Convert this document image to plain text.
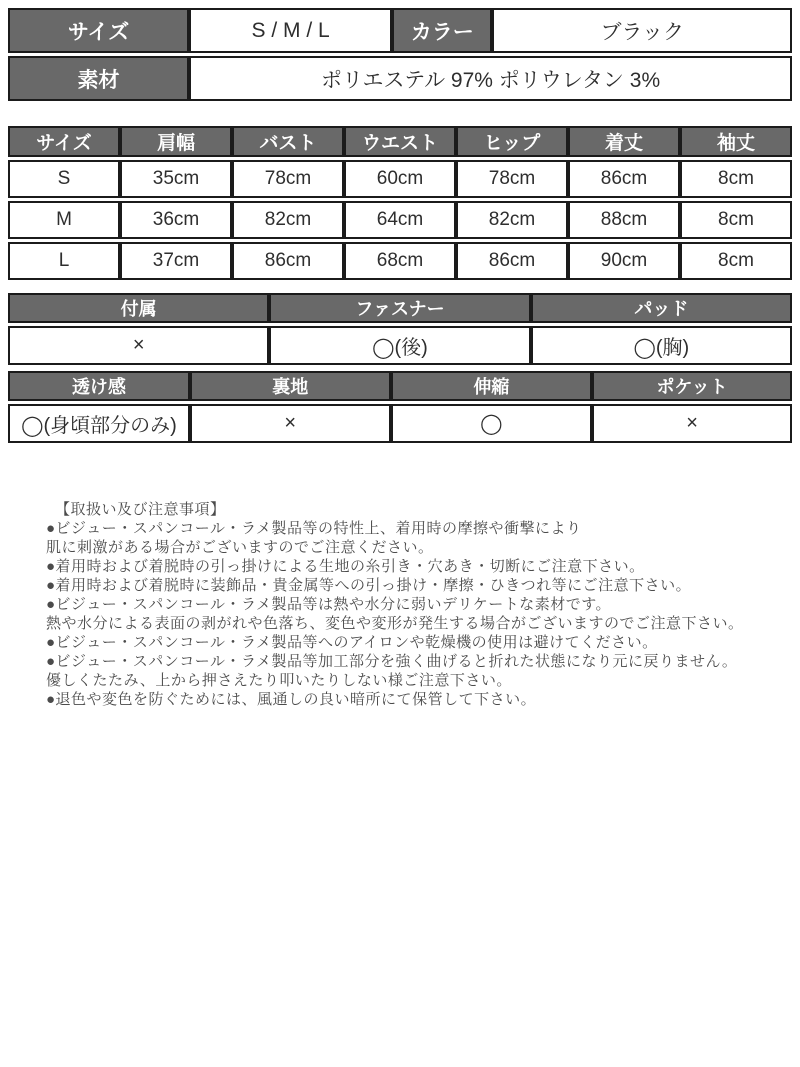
サイズ	S / M / L	カラー	ブラック
素材	ポリエステル 97% ポリウレタン 3%		
サイズ	肩幅	バスト	ウエスト	ヒップ	着丈	袖丈
S	35cm	78cm	60cm	78cm	86cm	8cm
M	36cm	82cm	64cm	82cm	88cm	8cm
L	37cm	86cm	68cm	86cm	90cm	8cm
付属	ファスナー	パッド
×	◯(後)	◯(胸)
透け感	裏地	伸縮	ポケット
◯(身頃部分のみ)	×	◯	×
【取扱い及び注意事項】
●ビジュー・スパンコール・ラメ製品等の特性上、着用時の摩擦や衝撃により
肌に刺激がある場合がございますのでご注意ください。
●着用時および着脱時の引っ掛けによる生地の糸引き・穴あき・切断にご注意下さい。
●着用時および着脱時に装飾品・貴金属等への引っ掛け・摩擦・ひきつれ等にご注意下さい。
●ビジュー・スパンコール・ラメ製品等は熱や水分に弱いデリケートな素材です。
熱や水分による表面の剥がれや色落ち、変色や変形が発生する場合がございますのでご注意下さい。
●ビジュー・スパンコール・ラメ製品等へのアイロンや乾燥機の使用は避けてください。
●ビジュー・スパンコール・ラメ製品等加工部分を強く曲げると折れた状態になり元に戻りません。
優しくたたみ、上から押さえたり叩いたりしない様ご注意下さい。
●退色や変色を防ぐためには、風通しの良い暗所にて保管して下さい。
